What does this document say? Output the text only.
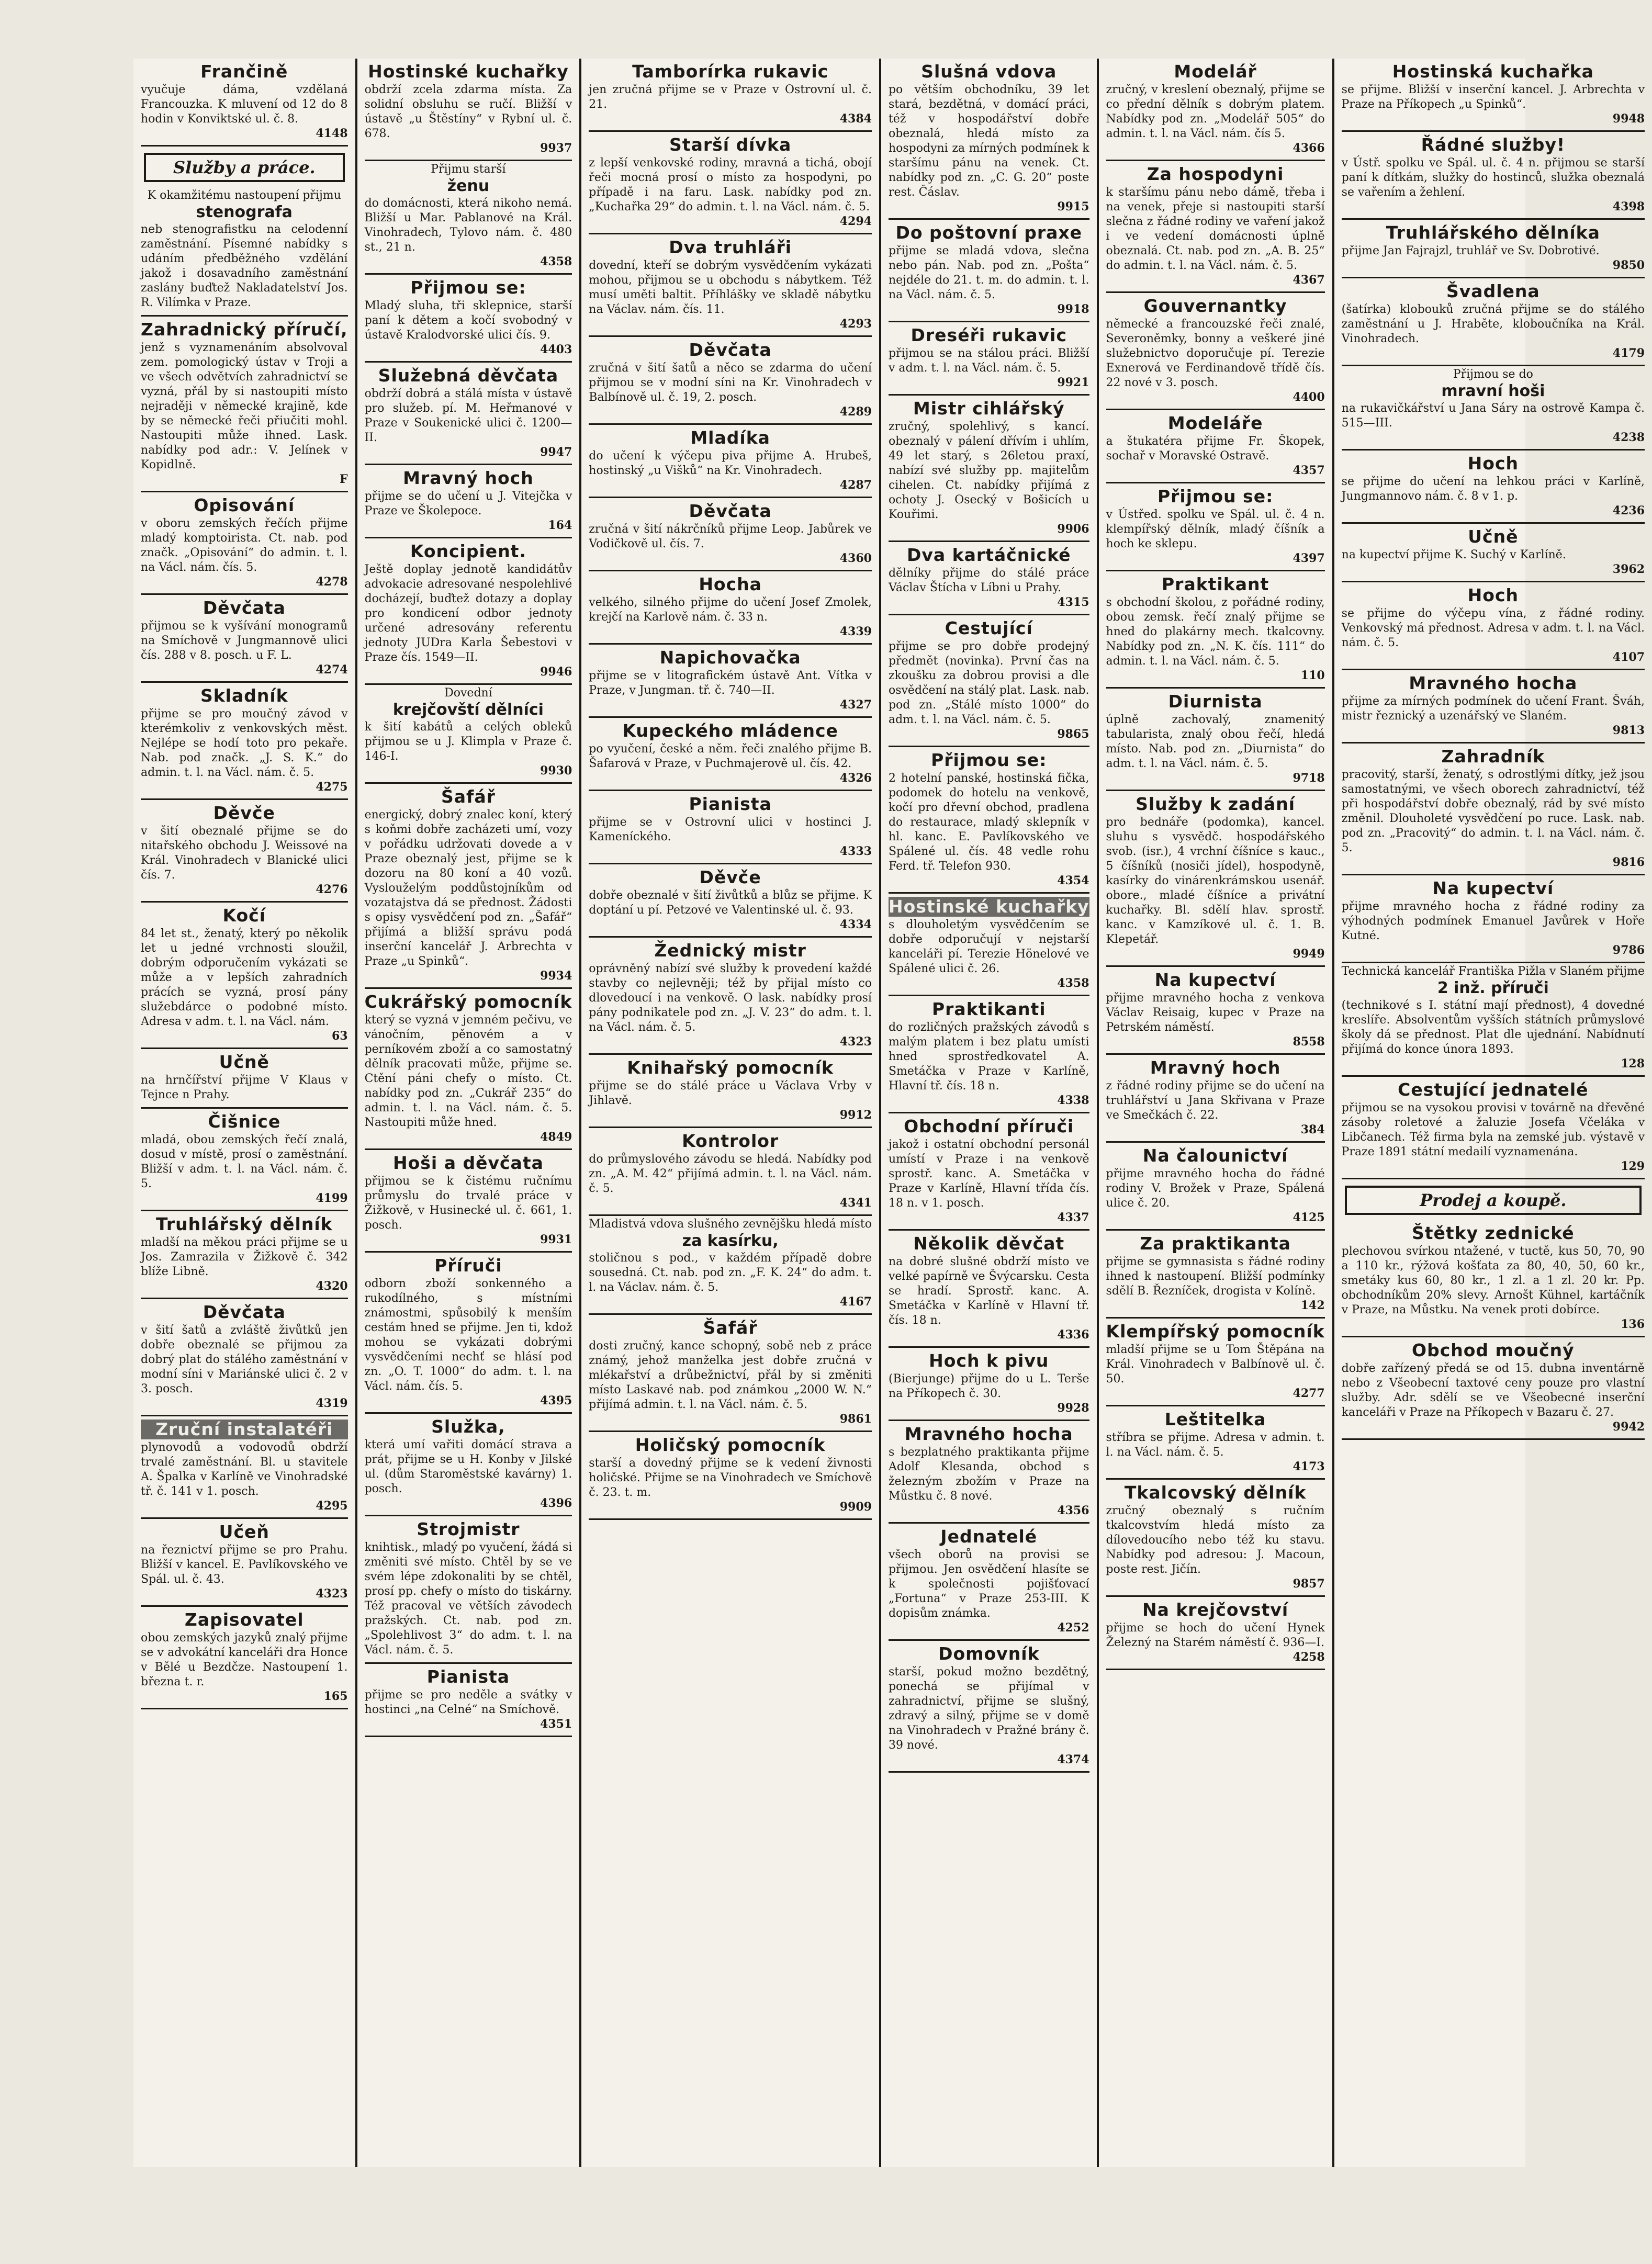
Frančině

vyučuje dáma, vzdělaná Francouzka. K mluvení od 12 do 8 hodin v Konviktské ul. č. 8.

4148

Služby a práce.

K okamžitému nastoupení přijmu

stenografa

neb stenografistku na celodenní zaměstnání. Písemné nabídky s udáním předběžného vzdělání jakož i dosavadního zaměstnání zaslány buďtež Nakladatelství Jos. R. Vilímka v Praze.

Zahradnický příručí,

jenž s vyznamenáním absolvoval zem. pomologický ústav v Troji a ve všech odvětvích zahradnictví se vyzná, přál by si nastoupiti místo nejraději v německé krajině, kde by se německé řeči přiučiti mohl. Nastoupiti může ihned. Lask. nabídky pod adr.: V. Jelínek v Kopidlně.

F

Opisování

v oboru zemských řečích přijme mladý komptoirista. Ct. nab. pod značk. „Opisování“ do admin. t. l. na Václ. nám. čís. 5.

4278

Děvčata

přijmou se k vyšívání monogramů na Smíchově v Jungmannově ulici čís. 288 v 8. posch. u F. L.

4274

Skladník

přijme se pro moučný závod v kterémkoliv z venkovských měst. Nejlépe se hodí toto pro pekaře. Nab. pod značk. „J. S. K.“ do admin. t. l. na Václ. nám. č. 5.

4275

Děvče

v šití obeznalé přijme se do nitařského obchodu J. Weissové na Král. Vinohradech v Blanické ulici čís. 7.

4276

Kočí

84 let st., ženatý, který po několik let u jedné vrchnosti sloužil, dobrým odporučením vykázati se může a v lepších zahradních prácích se vyzná, prosí pány služebdárce o podobné místo. Adresa v adm. t. l. na Václ. nám.

63

Učně

na hrnčířství přijme V Klaus v Tejnce n Prahy.

Čišnice

mladá, obou zemských řečí znalá, dosud v místě, prosí o zaměstnání. Bližší v adm. t. l. na Václ. nám. č. 5.

4199

Truhlářský dělník

mladší na měkou práci přijme se u Jos. Zamrazila v Žižkově č. 342 blíže Libně.

4320

Děvčata

v šití šatů a zvláště živůtků jen dobře obeznalé se přijmou za dobrý plat do stálého zaměstnání v modní síni v Mariánské ulici č. 2 v 3. posch.

4319

Zruční instalatéři

plynovodů a vodovodů obdrží trvalé zaměstnání. Bl. u stavitele A. Špalka v Karlíně ve Vinohradské tř. č. 141 v 1. posch.

4295

Učeň

na řeznictví přijme se pro Prahu. Bližší v kancel. E. Pavlíkovského ve Spál. ul. č. 43.

4323

Zapisovatel

obou zemských jazyků znalý přijme se v advokátní kanceláři dra Honce v Bělé u Bezdčze. Nastoupení 1. března t. r.

165

Hostinské kuchařky

obdrží zcela zdarma místa. Za solidní obsluhu se ručí. Bližší v ústavě „u Štěstíny“ v Rybní ul. č. 678.

9937

Přijmu starší

ženu

do domácnosti, která nikoho nemá. Bližší u Mar. Pablanové na Král. Vinohradech, Tylovo nám. č. 480 st., 21 n.

4358

Přijmou se:

Mladý sluha, tři sklepnice, starší paní k dětem a kočí svobodný v ústavě Kralodvorské ulici čís. 9.

4403

Služebná děvčata

obdrží dobrá a stálá místa v ústavě pro služeb. pí. M. Heřmanové v Praze v Soukenické ulici č. 1200—II.

9947

Mravný hoch

přijme se do učení u J. Vitejčka v Praze ve Školepoce.

164

Koncipient.

Ještě doplay jednotě kandidátův advokacie adresované nespolehlivé docházejí, buďtež dotazy a doplay pro kondicení odbor jednoty určené adresovány referentu jednoty JUDra Karla Šebestovi v Praze čís. 1549—II.

9946

Dovední

krejčovští dělníci

k šití kabátů a celých obleků přijmou se u J. Klimpla v Praze č. 146-I.

9930

Šafář

energický, dobrý znalec koní, který s koňmi dobře zacházeti umí, vozy v pořádku udržovati dovede a v Praze obeznalý jest, přijme se k dozoru na 80 koní a 40 vozů. Vyslouželým poddůstojníkům od vozatajstva dá se přednost. Žádosti s opisy vysvědčení pod zn. „Šafář“ přijímá a bližší správu podá inserční kancelář J. Arbrechta v Praze „u Spinků“.

9934

Cukrářský pomocník

který se vyzná v jemném pečivu, ve vánočním, pěnovém a v perníkovém zboží a co samostatný dělník pracovati může, přijme se. Ctění páni chefy o místo. Ct. nabídky pod zn. „Cukrář 235“ do admin. t. l. na Václ. nám. č. 5. Nastoupiti může hned.

4849

Hoši a děvčata

přijmou se k čistému ručnímu průmyslu do trvalé práce v Žižkově, v Husinecké ul. č. 661, 1. posch.

9931

Příruči

odborn zboží sonkenného a rukodílného, s místními známostmi, spůsobilý k menším cestám hned se přijme. Jen ti, kdož mohou se vykázati dobrými vysvědčeními nechť se hlásí pod zn. „O. T. 1000“ do adm. t. l. na Václ. nám. čís. 5.

4395

Služka,

která umí vařiti domácí strava a prát, přijme se u H. Konby v Jilské ul. (dům Staroměstské kavárny) 1. posch.

4396

Strojmistr

knihtisk., mladý po vyučení, žádá si změniti své místo. Chtěl by se ve svém lépe zdokonaliti by se chtěl, prosí pp. chefy o místo do tiskárny. Též pracoval ve větších závodech pražských. Ct. nab. pod zn. „Spolehlivost 3“ do adm. t. l. na Václ. nám. č. 5.

Pianista

přijme se pro neděle a svátky v hostinci „na Celné“ na Smíchově.

4351

Tamborírka rukavic

jen zručná přijme se v Praze v Ostrovní ul. č. 21.

4384

Starší dívka

z lepší venkovské rodiny, mravná a tichá, obojí řeči mocná prosí o místo za hospodyni, po případě i na faru. Lask. nabídky pod zn. „Kuchařka 29“ do admin. t. l. na Václ. nám. č. 5.

4294

Dva truhláři

dovední, kteří se dobrým vysvědčením vykázati mohou, přijmou se u obchodu s nábytkem. Též musí uměti baltit. Příhlášky ve skladě nábytku na Václav. nám. čís. 11.

4293

Děvčata

zručná v šití šatů a něco se zdarma do učení přijmou se v modní síni na Kr. Vinohradech v Balbínově ul. č. 19, 2. posch.

4289

Mladíka

do učení k výčepu piva přijme A. Hrubeš, hostinský „u Višků“ na Kr. Vinohradech.

4287

Děvčata

zručná v šití nákrčníků přijme Leop. Jabůrek ve Vodičkově ul. čís. 7.

4360

Hocha

velkého, silného přijme do učení Josef Zmolek, krejčí na Karlově nám. č. 33 n.

4339

Napichovačka

přijme se v litografickém ústavě Ant. Vítka v Praze, v Jungman. tř. č. 740—II.

4327

Kupeckého mládence

po vyučení, české a něm. řeči znalého přijme B. Šafarová v Praze, v Puchmajerově ul. čís. 42.

4326

Pianista

přijme se v Ostrovní ulici v hostinci J. Kameníckého.

4333

Děvče

dobře obeznalé v šití živůtků a blůz se přijme. K doptání u pí. Petzové ve Valentinské ul. č. 93.

4334

Žednický mistr

oprávněný nabízí své služby k provedení každé stavby co nejlevněji; též by přijal místo co dlovedoucí i na venkově. O lask. nabídky prosí pány podnikatele pod zn. „J. V. 23“ do adm. t. l. na Václ. nám. č. 5.

4323

Knihařský pomocník

přijme se do stálé práce u Václava Vrby v Jihlavě.

9912

Kontrolor

do průmyslového závodu se hledá. Nabídky pod zn. „A. M. 42“ přijímá admin. t. l. na Václ. nám. č. 5.

4341

Mladistvá vdova slušného zevnějšku hledá místo

za kasírku,

stoličnou s pod., v každém případě dobre sousedná. Ct. nab. pod zn. „F. K. 24“ do adm. t. l. na Václav. nám. č. 5.

4167

Šafář

dosti zručný, kance schopný, sobě neb z práce známý, jehož manželka jest dobře zručná v mlékařství a drůbežnictví, přál by si změniti místo Laskavé nab. pod známkou „2000 W. N.“ přijímá admin. t. l. na Václ. nám. č. 5.

9861

Holičský pomocník

starší a dovedný přijme se k vedení živnosti holičské. Přijme se na Vinohradech ve Smíchově č. 23. t. m.

9909

Slušná vdova

po větším obchodníku, 39 let stará, bezdětná, v domácí práci, též v hospodářství dobře obeznalá, hledá místo za hospodyni za mírných podmínek k staršímu pánu na venek. Ct. nabídky pod zn. „C. G. 20“ poste rest. Čáslav.

9915

Do poštovní praxe

přijme se mladá vdova, slečna nebo pán. Nab. pod zn. „Pošta“ nejdéle do 21. t. m. do admin. t. l. na Václ. nám. č. 5.

9918

Dreséři rukavic

přijmou se na stálou práci. Bližší v adm. t. l. na Václ. nám. č. 5.

9921

Mistr cihlářský

zručný, spolehlivý, s kancí. obeznalý v pálení dřívím i uhlím, 49 let starý, s 26letou praxí, nabízí své služby pp. majitelům cihelen. Ct. nabídky přijímá z ochoty J. Osecký v Bošicích u Kouřimi.

9906

Dva kartáčnické

dělníky přijme do stálé práce Václav Štícha v Líbni u Prahy.

4315

Cestující

přijme se pro dobře prodejný předmět (novinka). První čas na zkoušku za dobrou provisi a dle osvědčení na stálý plat. Lask. nab. pod zn. „Stálé místo 1000“ do adm. t. l. na Václ. nám. č. 5.

9865

Přijmou se:

2 hotelní panské, hostinská fička, podomek do hotelu na venkově, kočí pro dřevní obchod, pradlena do restaurace, mladý sklepník v hl. kanc. E. Pavlíkovského ve Spálené ul. čís. 48 vedle rohu Ferd. tř. Telefon 930.

4354

Hostinské kuchařky

s dlouholetým vysvědčením se dobře odporučují v nejstarší kanceláři pí. Terezie Hönelové ve Spálené ulici č. 26.

4358

Praktikanti

do rozličných pražských závodů s malým platem i bez platu umísti hned sprostředkovatel A. Smetáčka v Praze v Karlíně, Hlavní tř. čís. 18 n.

4338

Obchodní příruči

jakož i ostatní obchodní personál umístí v Praze i na venkově sprostř. kanc. A. Smetáčka v Praze v Karlíně, Hlavní třída čís. 18 n. v 1. posch.

4337

Několik děvčat

na dobré slušné obdrží místo ve velké papírně ve Švýcarsku. Cesta se hradí. Sprostř. kanc. A. Smetáčka v Karlíně v Hlavní tř. čís. 18 n.

4336

Hoch k pivu

(Bierjunge) přijme do u L. Terše na Příkopech č. 30.

9928

Mravného hocha

s bezplatného praktikanta přijme Adolf Klesanda, obchod s železným zbožím v Praze na Můstku č. 8 nové.

4356

Jednatelé

všech oborů na provisi se přijmou. Jen osvědčení hlasíte se k společnosti pojišťovací „Fortuna“ v Praze 253-III. K dopisům známka.

4252

Domovník

starší, pokud možno bezdětný, ponechá se přijímal v zahradnictví, přijme se slušný, zdravý a silný, přijme se v domě na Vinohradech v Pražné brány č. 39 nové.

4374

Modelář

zručný, v kreslení obeznalý, přijme se co přední dělník s dobrým platem. Nabídky pod zn. „Modelář 505“ do admin. t. l. na Václ. nám. čís 5.

4366

Za hospodyni

k staršímu pánu nebo dámě, třeba i na venek, přeje si nastoupiti starší slečna z řádné rodiny ve vaření jakož i ve vedení domácnosti úplně obeznalá. Ct. nab. pod zn. „A. B. 25“ do admin. t. l. na Václ. nám. č. 5.

4367

Gouvernantky

německé a francouzské řeči znalé, Severoněmky, bonny a veškeré jiné služebnictvo doporučuje pí. Terezie Exnerová ve Ferdinandově třídě čís. 22 nové v 3. posch.

4400

Modeláře

a štukatéra přijme Fr. Škopek, sochař v Moravské Ostravě.

4357

Přijmou se:

v Ústřed. spolku ve Spál. ul. č. 4 n. klempířský dělník, mladý číšník a hoch ke sklepu.

4397

Praktikant

s obchodní školou, z pořádné rodiny, obou zemsk. řečí znalý přijme se hned do plakárny mech. tkalcovny. Nabídky pod zn. „N. K. čís. 111“ do admin. t. l. na Václ. nám. č. 5.

110

Diurnista

úplně zachovalý, znamenitý tabularista, znalý obou řečí, hledá místo. Nab. pod zn. „Diurnista“ do adm. t. l. na Václ. nám. č. 5.

9718

Služby k zadání

pro bednáře (podomka), kancel. sluhu s vysvědč. hospodářského svob. (isr.), 4 vrchní číšníce s kauc., 5 číšníků (nosiči jídel), hospodyně, kasírky do vinárenkrámskou usenář. obore., mladé číšníce a privátní kuchařky. Bl. sdělí hlav. sprostř. kanc. v Kamzíkové ul. č. 1. B. Klepetář.

9949

Na kupectví

přijme mravného hocha z venkova Václav Reisaig, kupec v Praze na Petrském náměstí.

8558

Mravný hoch

z řádné rodiny přijme se do učení na truhlářství u Jana Skřivana v Praze ve Smečkách č. 22.

384

Na čalounictví

přijme mravného hocha do řádné rodiny V. Brožek v Praze, Spálená ulice č. 20.

4125

Za praktikanta

přijme se gymnasista s řádné rodiny ihned k nastoupení. Bližší podmínky sdělí B. Řezníček, drogista v Kolíně.

142

Klempířský pomocník

mladší přijme se u Tom Štěpána na Král. Vinohradech v Balbínově ul. č. 50.

4277

Leštitelka

stříbra se přijme. Adresa v admin. t. l. na Václ. nám. č. 5.

4173

Tkalcovský dělník

zručný obeznalý s ručním tkalcovstvím hledá místo za dílovedoucího nebo též ku stavu. Nabídky pod adresou: J. Macoun, poste rest. Jičín.

9857

Na krejčovství

přijme se hoch do učení Hynek Železný na Starém náměstí č. 936—I.

4258

Hostinská kuchařka

se přijme. Bližší v inserční kancel. J. Arbrechta v Praze na Příkopech „u Spinků“.

9948

Řádné služby!

v Ústř. spolku ve Spál. ul. č. 4 n. přijmou se starší paní k dítkám, služky do hostinců, služka obeznalá se vařením a žehlení.

4398

Truhlářského dělníka

přijme Jan Fajrajzl, truhlář ve Sv. Dobrotivé.

9850

Švadlena

(šatírka) klobouků zručná přijme se do stálého zaměstnání u J. Hraběte, kloboučníka na Král. Vinohradech.

4179

Přijmou se do

mravní hoši

na rukavičkářství u Jana Sáry na ostrově Kampa č. 515—III.

4238

Hoch

se přijme do učení na lehkou práci v Karlíně, Jungmannovo nám. č. 8 v 1. p.

4236

Učně

na kupectví přijme K. Suchý v Karlíně.

3962

Hoch

se přijme do výčepu vína, z řádné rodiny. Venkovský má přednost. Adresa v adm. t. l. na Václ. nám. č. 5.

4107

Mravného hocha

přijme za mírných podmínek do učení Frant. Šváh, mistr řeznický a uzenářský ve Slaném.

9813

Zahradník

pracovitý, starší, ženatý, s odrostlými dítky, jež jsou samostatnými, ve všech oborech zahradnictví, též při hospodářství dobře obeznalý, rád by své místo změnil. Dlouholeté vysvědčení po ruce. Lask. nab. pod zn. „Pracovitý“ do admin. t. l. na Václ. nám. č. 5.

9816

Na kupectví

přijme mravného hocha z řádné rodiny za výhodných podmínek Emanuel Javůrek v Hoře Kutné.

9786

Technická kancelář Františka Pižla v Slaném přijme

2 inž. příruči

(technikové s I. státní mají přednost), 4 dovedné kreslíře. Absolventům vyšších státních průmyslové školy dá se přednost. Plat dle ujednání. Nabídnutí přijímá do konce února 1893.

128

Cestující jednatelé

přijmou se na vysokou provisi v továrně na dřevěné zásoby roletové a žaluzie Josefa Včeláka v Libčanech. Též firma byla na zemské jub. výstavě v Praze 1891 státní medailí vyznamenána.

129

Prodej a koupě.
Štětky zednické

plechovou svírkou ntažené, v tuctě, kus 50, 70, 90 a 110 kr., rýžová košťata za 80, 40, 50, 60 kr., smetáky kus 60, 80 kr., 1 zl. a 1 zl. 20 kr. Pp. obchodníkům 20% slevy. Arnošt Kühnel, kartáčník v Praze, na Můstku. Na venek proti dobírce.

136

Obchod moučný

dobře zařízený předá se od 15. dubna inventárně nebo z Všeobecní taxtové ceny pouze pro vlastní služby. Adr. sdělí se ve Všeobecné inserční kanceláři v Praze na Příkopech v Bazaru č. 27.

9942
